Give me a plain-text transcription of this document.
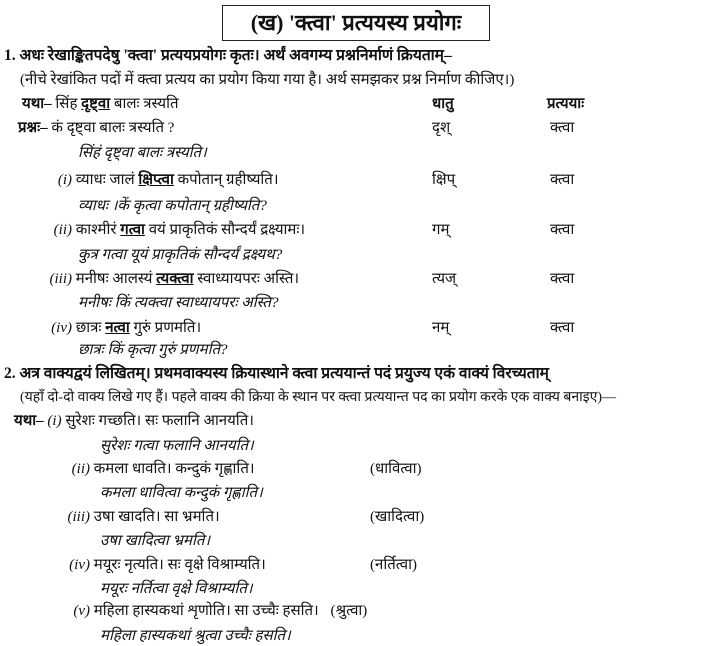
(ख) 'क्त्वा' प्रत्ययस्य प्रयोगः
1. अधः रेखाङ्कितपदेषु 'क्त्वा' प्रत्ययप्रयोगः कृतः। अर्थं अवगम्य प्रश्ननिर्माणं क्रियताम्–
(नीचे रेखांकित पदों में क्त्वा प्रत्यय का प्रयोग किया गया है। अर्थ समझकर प्रश्न निर्माण कीजिए।)
यथा– सिंह दृष्ट्वा बालः त्रस्यति	धातु	प्रत्ययाः
प्रश्नः– कं दृष्ट्वा बालः त्रस्यति ?	दृश्	क्त्वा
सिंहं दृष्ट्वा बालः त्रस्यति।
(i) व्याधः जालं क्षिप्त्वा कपोतान् ग्रहीष्यति।	क्षिप्	क्त्वा
व्याधः ।कें कृत्वा कपोतान् ग्रहीष्यति?
(ii) काश्मीरं गत्वा वयं प्राकृतिकं सौन्दर्यं द्रक्ष्यामः।	गम्	क्त्वा
कुत्र गत्वा यूयं प्राकृतिकं सौन्दर्यं द्रक्ष्यथ?
(iii) मनीषः आलस्यं त्यक्त्वा स्वाध्यायपरः अस्ति।	त्यज्	क्त्वा
मनीषः किं त्यक्त्वा स्वाध्यायपरः अस्ति?
(iv) छात्रः नत्वा गुरुं प्रणमति।	नम्	क्त्वा
छात्रः किं कृत्वा गुरुं प्रणमति?
2. अत्र वाक्यद्वयं लिखितम्। प्रथमवाक्यस्य क्रियास्थाने क्त्वा प्रत्ययान्तं पदं प्रयुज्य एकं वाक्यं विरच्यताम्
(यहाँ दो-दो वाक्य लिखे गए हैं। पहले वाक्य की क्रिया के स्थान पर क्त्वा प्रत्ययान्त पद का प्रयोग करके एक वाक्य बनाइए)—
यथा– (i) सुरेशः गच्छति। सः फलानि आनयति।
सुरेशः गत्वा फलानि आनयति।
(ii) कमला धावति। कन्दुकं गृह्णाति।	(धावित्वा)
कमला धावित्वा कन्दुकं गृह्णाति।
(iii) उषा खादति। सा भ्रमति।	(खादित्वा)
उषा खादित्वा भ्रमति।
(iv) मयूरः नृत्यति। सः वृक्षे विश्राम्यति।	(नर्तित्वा)
मयूरः नर्तित्वा वृक्षे विश्राम्यति।
(v) महिला हास्यकथां शृणोति। सा उच्चैः हसति। (श्रुत्वा)
महिला हास्यकथां श्रुत्वा उच्चैः हसति।
